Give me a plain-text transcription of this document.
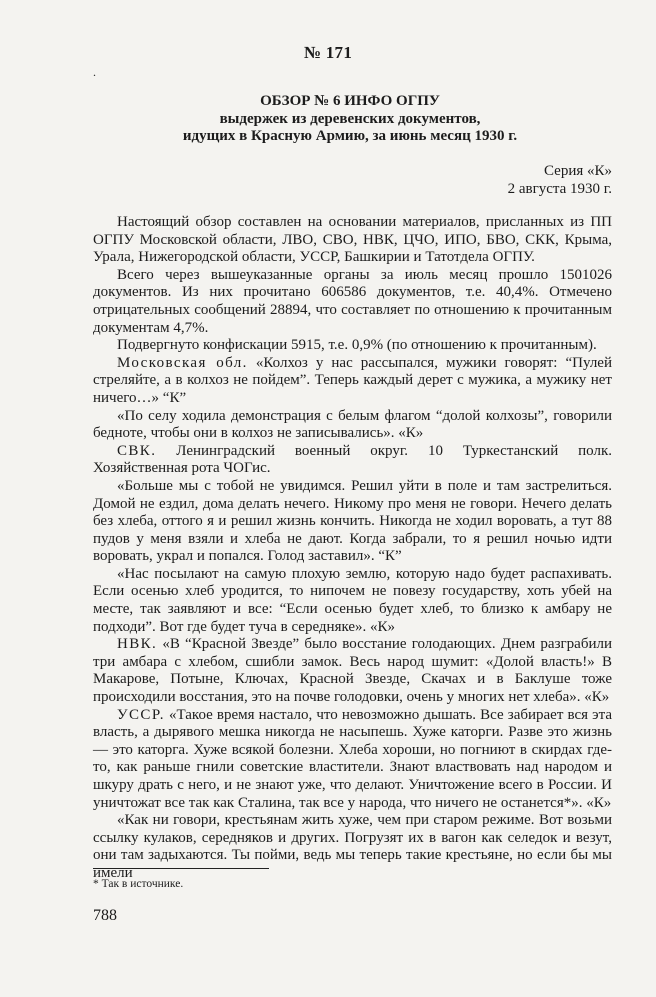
№ 171
.
ОБЗОР № 6 ИНФО ОГПУ
выдержек из деревенских документов,
идущих в Красную Армию, за июнь месяц 1930 г.
Серия «К»
2 августа 1930 г.

Настоящий обзор составлен на основании материалов, присланных из ПП ОГПУ Московской области, ЛВО, СВО, НВК, ЦЧО, ИПО, БВО, СКК, Крыма, Урала, Нижегородской области, УССР, Башкирии и Татотдела ОГПУ.

Всего через вышеуказанные органы за июль месяц прошло 1501026 документов. Из них прочитано 606586 документов, т.е. 40,4%. Отмечено отрицательных сообщений 28894, что составляет по отношению к прочитанным документам 4,7%.

Подвергнуто конфискации 5915, т.е. 0,9% (по отношению к прочитанным).

Московская обл. «Колхоз у нас рассыпался, мужики говорят: “Пулей стреляйте, а в колхоз не пойдем”. Теперь каждый дерет с мужика, а мужику нет ничего…» “К”

«По селу ходила демонстрация с белым флагом “долой колхозы”, говорили бедноте, чтобы они в колхоз не записывались». «К»

СВК. Ленинградский военный округ. 10 Туркестанский полк. Хозяйственная рота ЧОГис.

«Больше мы с тобой не увидимся. Решил уйти в поле и там застрелиться. Домой не ездил, дома делать нечего. Никому про меня не говори. Нечего делать без хлеба, оттого я и решил жизнь кончить. Никогда не ходил воровать, а тут 88 пудов у меня взяли и хлеба не дают. Когда забрали, то я решил ночью идти воровать, украл и попался. Голод заставил». “К”

«Нас посылают на самую плохую землю, которую надо будет распахивать. Если осенью хлеб уродится, то нипочем не повезу государству, хоть убей на месте, так заявляют и все: “Если осенью будет хлеб, то близко к амбару не подходи”. Вот где будет туча в середняке». «К»

НВК. «В “Красной Звезде” было восстание голодающих. Днем разграбили три амбара с хлебом, сшибли замок. Весь народ шумит: «Долой власть!» В Макарове, Потыне, Ключах, Красной Звезде, Скачах и в Баклуше тоже происходили восстания, это на почве голодовки, очень у многих нет хлеба». «К»

УССР. «Такое время настало, что невозможно дышать. Все забирает вся эта власть, а дырявого мешка никогда не насыпешь. Хуже каторги. Разве это жизнь — это каторга. Хуже всякой болезни. Хлеба хороши, но погниют в скирдах где-то, как раньше гнили советские властители. Знают властвовать над народом и шкуру драть с него, и не знают уже, что делают. Уничтожение всего в России. И уничтожат все так как Сталина, так все у народа, что ничего не останется*». «К»

«Как ни говори, крестьянам жить хуже, чем при старом режиме. Вот возьми ссылку кулаков, середняков и других. Погрузят их в вагон как селедок и везут, они там задыхаются. Ты пойми, ведь мы теперь такие крестьяне, но если бы мы имели

* Так в источнике.
788
